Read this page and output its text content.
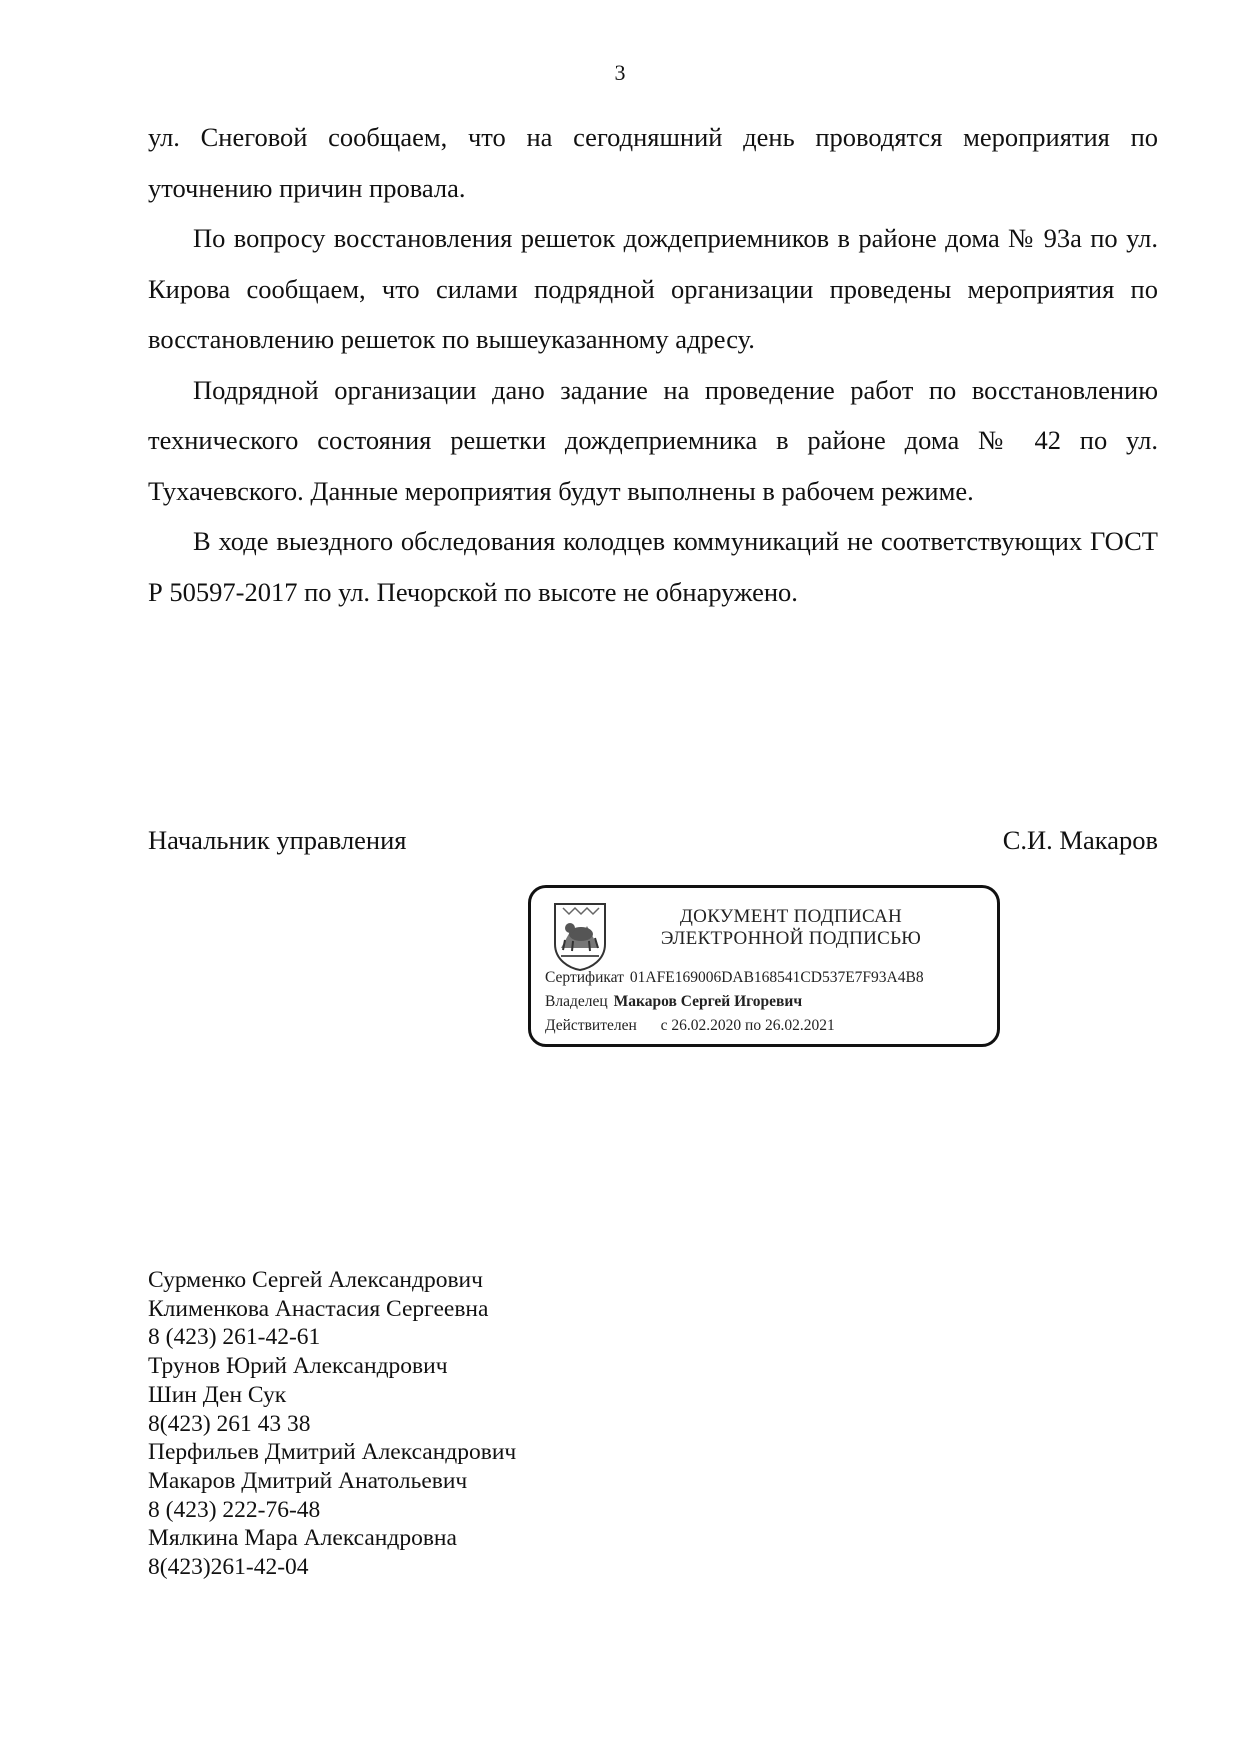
3

ул. Снеговой сообщаем, что на сегодняшний день проводятся мероприятия по уточнению причин провала.

По вопросу восстановления решеток дождеприемников в районе дома № 93а по ул. Кирова сообщаем, что силами подрядной организации проведены мероприятия по восстановлению решеток по вышеуказанному адресу.

Подрядной организации дано задание на проведение работ по восстановлению технического состояния решетки дождеприемника в районе дома № 42 по ул. Тухачевского. Данные мероприятия будут выполнены в рабочем режиме.

В ходе выездного обследования колодцев коммуникаций не соответствующих ГОСТ Р 50597-2017 по ул. Печорской по высоте не обнаружено.

Начальник управления	С.И. Макаров
ДОКУМЕНТ ПОДПИСАН
ЭЛЕКТРОННОЙ ПОДПИСЬЮ
Сертификат 01AFE169006DAB168541CD537E7F93A4B8
Владелец Макаров Сергей Игоревич
Действителен с 26.02.2020 по 26.02.2021
Сурменко Сергей Александрович
Клименкова Анастасия Сергеевна
8 (423) 261-42-61
Трунов Юрий Александрович
Шин Ден Сук
8(423) 261 43 38
Перфильев Дмитрий Александрович
Макаров Дмитрий Анатольевич
8 (423) 222-76-48
Мялкина Мара Александровна
8(423)261-42-04
